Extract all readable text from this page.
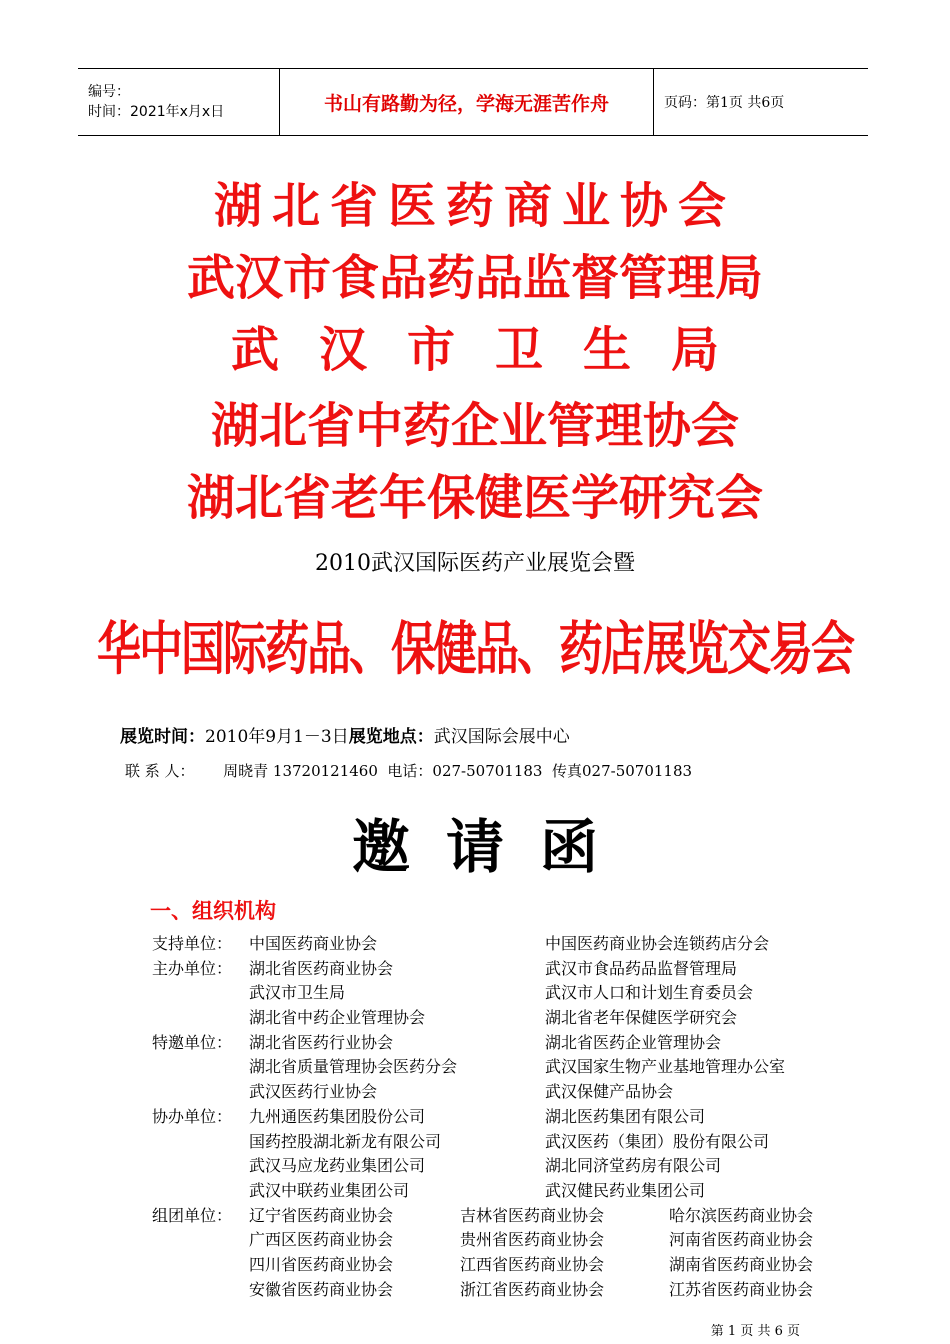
编号：
时间：2021年x月x日	书山有路勤为径，学海无涯苦作舟	页码：第1页 共6页
湖北省医药商业协会
武汉市食品药品监督管理局
武汉市卫生局
湖北省中药企业管理协会
湖北省老年保健医学研究会
2010武汉国际医药产业展览会暨
华中国际药品、保健品、药店展览交易会
展览时间：2010年9月1－3日展览地点：武汉国际会展中心
联 系 人：      周晓青 13720121460  电话：027-50701183  传真027-50701183
邀请函
一、组织机构
支持单位： 中国医药商业协会	中国医药商业协会连锁药店分会
主办单位： 湖北省医药商业协会	武汉市食品药品监督管理局
武汉市卫生局	武汉市人口和计划生育委员会
湖北省中药企业管理协会	湖北省老年保健医学研究会
特邀单位： 湖北省医药行业协会	湖北省医药企业管理协会
湖北省质量管理协会医药分会	武汉国家生物产业基地管理办公室
武汉医药行业协会	武汉保健产品协会
协办单位： 九州通医药集团股份公司	湖北医药集团有限公司
国药控股湖北新龙有限公司	武汉医药（集团）股份有限公司
武汉马应龙药业集团公司	湖北同济堂药房有限公司
武汉中联药业集团公司	武汉健民药业集团公司
组团单位： 辽宁省医药商业协会	吉林省医药商业协会	哈尔滨医药商业协会
广西区医药商业协会	贵州省医药商业协会	河南省医药商业协会
四川省医药商业协会	江西省医药商业协会	湖南省医药商业协会
安徽省医药商业协会	浙江省医药商业协会	江苏省医药商业协会
第 1 页 共 6 页
